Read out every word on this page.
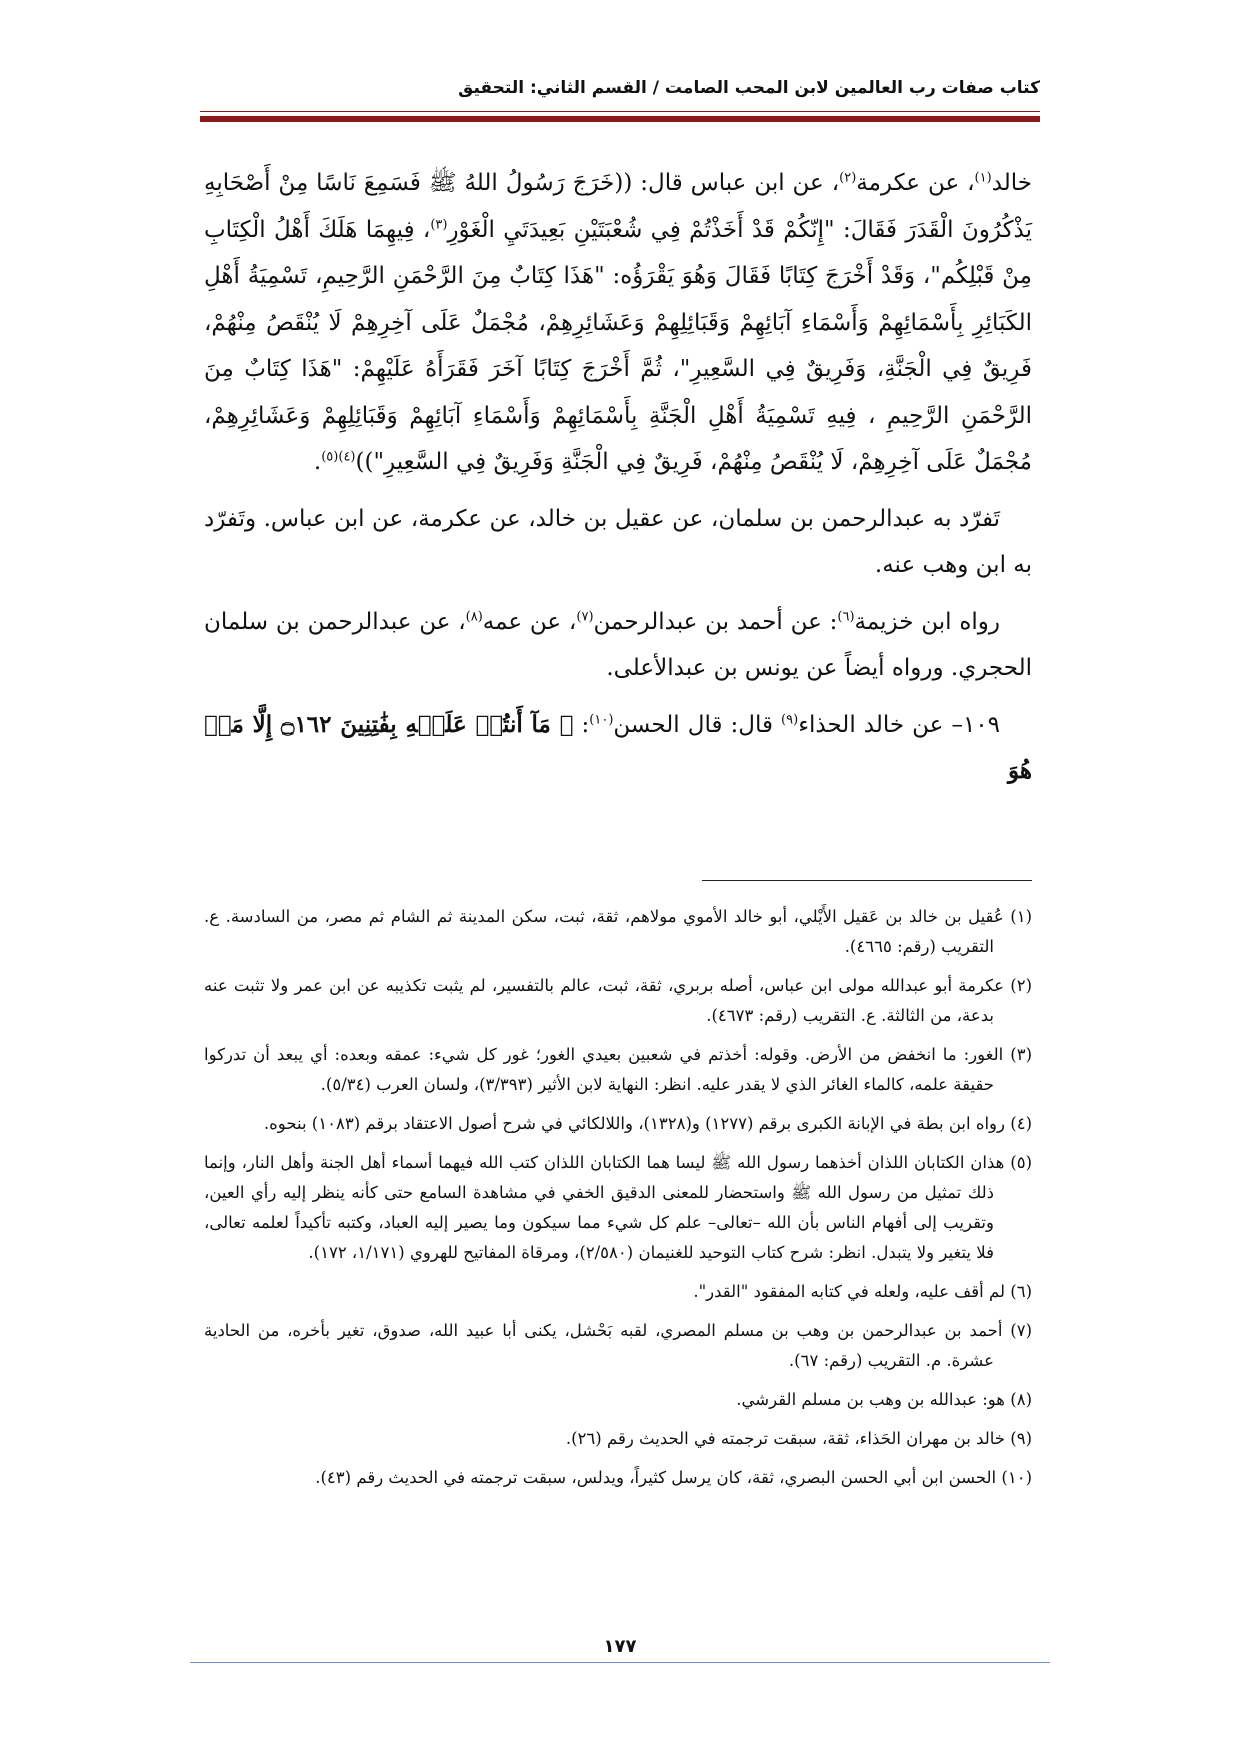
كتاب صفات رب العالمين لابن المحب الصامت / القسم الثاني: التحقيق

خالد$^{(١)}$، عن عكرمة$^{(٢)}$، عن ابن عباس قال: ((خَرَجَ رَسُولُ اللهُ ﷺ فَسَمِعَ نَاسًا مِنْ أَصْحَابِهِ يَذْكُرُونَ الْقَدَرَ فَقَالَ: "إِنّكُمْ قَدْ أَخَذْتُمْ فِي شُعْبَتَيْنِ بَعِيدَتَيِ الْغَوْرِ$^{(٣)}$، فِيهِمَا هَلَكَ أَهْلُ الْكِتَابِ مِنْ قَبْلِكُم"، وَقَدْ أَخْرَجَ كِتَابًا فَقَالَ وَهُوَ يَقْرَؤُه: "هَذَا كِتَابٌ مِنَ الرَّحْمَنِ الرَّحِيمِ، تَسْمِيَةُ أَهْلِ الكَبَائِرِ بِأَسْمَائِهِمْ وَأَسْمَاءِ آبَائِهِمْ وَقَبَائِلِهِمْ وَعَشَائِرِهِمْ، مُجْمَلٌ عَلَى آخِرِهِمْ لَا يُنْقَصُ مِنْهُمْ، فَرِيقٌ فِي الْجَنَّةِ، وَفَرِيقٌ فِي السَّعِيرِ"، ثُمَّ أَخْرَجَ كِتَابًا آخَرَ فَقَرَأَهُ عَلَيْهِمْ: "هَذَا كِتَابٌ مِنَ الرَّحْمَنِ الرَّحِيمِ ، فِيهِ تَسْمِيَةُ أَهْلِ الْجَنَّةِ بِأَسْمَائِهِمْ وَأَسْمَاءِ آبَائِهِمْ وَقَبَائِلِهِمْ وَعَشَائِرِهِمْ، مُجْمَلٌ عَلَى آخِرِهِمْ، لَا يُنْقَصُ مِنْهُمْ، فَرِيقٌ فِي الْجَنَّةِ وَفَرِيقٌ فِي السَّعِيرِ"))$^{(٤)(٥)}$.

تَفرّد به عبدالرحمن بن سلمان، عن عقيل بن خالد، عن عكرمة، عن ابن عباس. وتَفرّد به ابن وهب عنه.

رواه ابن خزيمة$^{(٦)}$: عن أحمد بن عبدالرحمن$^{(٧)}$، عن عمه$^{(٨)}$، عن عبدالرحمن بن سلمان الحجري. ورواه أيضاً عن يونس بن عبدالأعلى.

١٠٩– عن خالد الحذاء$^{(٩)}$ قال: قال الحسن$^{(١٠)}$: ﴿ مَآ أَنتُمۡ عَلَيۡهِ بِفَٰتِنِينَ ۝١٦٢ إِلَّا مَنۡ هُوَ

(١) عُقيل بن خالد بن عَقيل الأَيْلي، أبو خالد الأموي مولاهم، ثقة، ثبت، سكن المدينة ثم الشام ثم مصر، من السادسة. ع. التقريب (رقم: ٤٦٦٥).

(٢) عكرمة أبو عبدالله مولى ابن عباس، أصله بربري، ثقة، ثبت، عالم بالتفسير، لم يثبت تكذيبه عن ابن عمر ولا تثبت عنه بدعة، من الثالثة. ع. التقريب (رقم: ٤٦٧٣).

(٣) الغور: ما انخفض من الأرض. وقوله: أخذتم في شعبين بعيدي الغور؛ غور كل شيء: عمقه وبعده: أي يبعد أن تدركوا حقيقة علمه، كالماء الغائر الذي لا يقدر عليه. انظر: النهاية لابن الأثير (٣/٣٩٣)، ولسان العرب (٥/٣٤).

(٤) رواه ابن بطة في الإبانة الكبرى برقم (١٢٧٧) و(١٣٢٨)، واللالكائي في شرح أصول الاعتقاد برقم (١٠٨٣) بنحوه.

(٥) هذان الكتابان اللذان أخذهما رسول الله ﷺ ليسا هما الكتابان اللذان كتب الله فيهما أسماء أهل الجنة وأهل النار، وإنما ذلك تمثيل من رسول الله ﷺ واستحضار للمعنى الدقيق الخفي في مشاهدة السامع حتى كأنه ينظر إليه رأي العين، وتقريب إلى أفهام الناس بأن الله –تعالى– علم كل شيء مما سيكون وما يصير إليه العباد، وكتبه تأكيداً لعلمه تعالى، فلا يتغير ولا يتبدل. انظر: شرح كتاب التوحيد للغنيمان (٢/٥٨٠)، ومرقاة المفاتيح للهروي (١/١٧١، ١٧٢).

(٦) لم أقف عليه، ولعله في كتابه المفقود "القدر".

(٧) أحمد بن عبدالرحمن بن وهب بن مسلم المصري، لقبه بَحْشل، يكنى أبا عبيد الله، صدوق، تغير بأخره، من الحادية عشرة. م. التقريب (رقم: ٦٧).

(٨) هو: عبدالله بن وهب بن مسلم القرشي.

(٩) خالد بن مهران الحَذاء، ثقة، سبقت ترجمته في الحديث رقم (٢٦).

(١٠) الحسن ابن أبي الحسن البصري، ثقة، كان يرسل كثيراً، ويدلس، سبقت ترجمته في الحديث رقم (٤٣).

١٧٧
